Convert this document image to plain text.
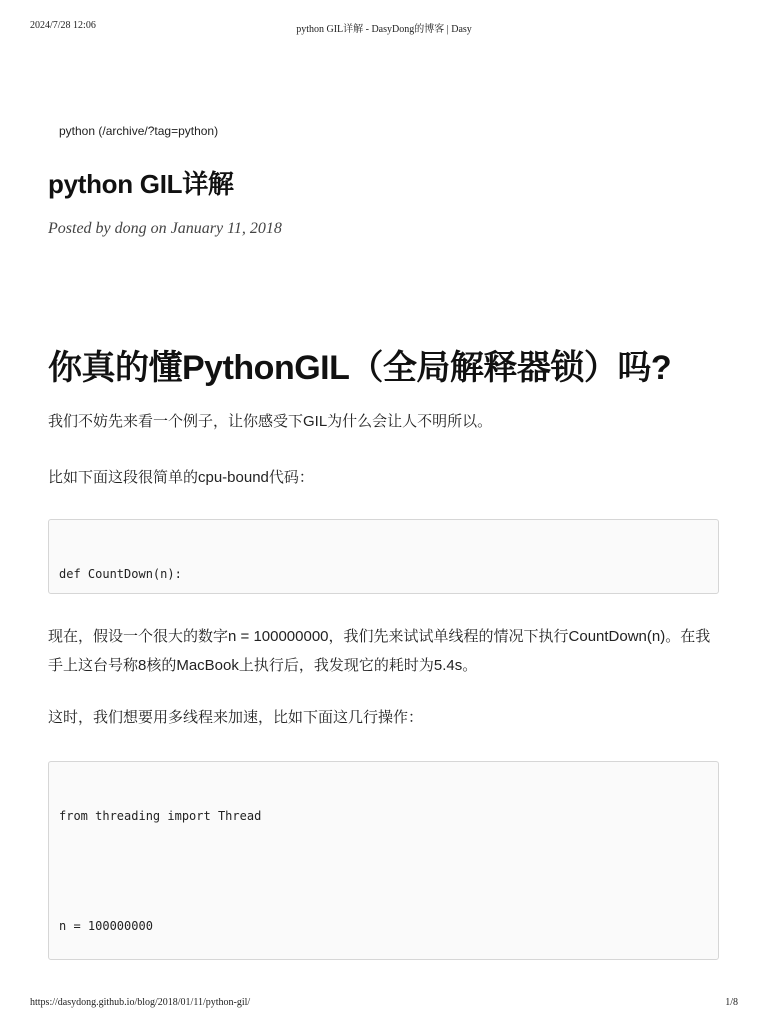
2024/7/28 12:06	python GIL详解 - DasyDong的博客 | Dasy
python (/archive/?tag=python)
python GIL详解
Posted by dong on January 11, 2018
你真的懂PythonGIL（全局解释器锁）吗?

我们不妨先来看一个例子，让你感受下GIL为什么会让人不明所以。

比如下面这段很简单的cpu-bound代码：

def CountDown(n):

现在，假设一个很大的数字n = 100000000，我们先来试试单线程的情况下执行CountDown(n)。在我手上这台号称8核的MacBook上执行后，我发现它的耗时为5.4s。

这时，我们想要用多线程来加速，比如下面这几行操作：

from threading import Thread

n = 100000000

https://dasydong.github.io/blog/2018/01/11/python-gil/	1/8
